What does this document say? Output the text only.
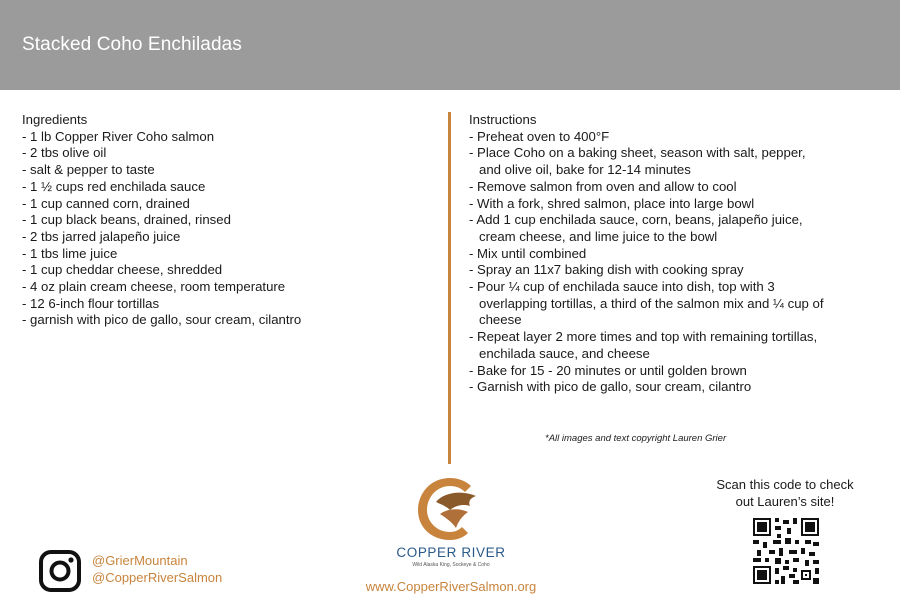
Stacked Coho Enchiladas
Ingredients
- 1 lb Copper River Coho salmon
- 2 tbs olive oil
- salt & pepper to taste
- 1 ½ cups red enchilada sauce
- 1 cup canned corn, drained
- 1 cup black beans, drained, rinsed
- 2 tbs jarred jalapeño juice
- 1 tbs lime juice
- 1 cup cheddar cheese, shredded
- 4 oz plain cream cheese, room temperature
- 12 6-inch flour tortillas
- garnish with pico de gallo, sour cream, cilantro
Instructions
- Preheat oven to 400°F
- Place Coho on a baking sheet, season with salt, pepper, and olive oil, bake for 12-14 minutes
- Remove salmon from oven and allow to cool
- With a fork, shred salmon, place into large bowl
- Add 1 cup enchilada sauce, corn, beans, jalapeño juice, cream cheese, and lime juice to the bowl
- Mix until combined
- Spray an 11x7 baking dish with cooking spray
- Pour ¼ cup of enchilada sauce into dish, top with 3 overlapping tortillas, a third of the salmon mix and ¼ cup of cheese
- Repeat layer 2 more times and top with remaining tortillas, enchilada sauce, and cheese
- Bake for 15 - 20 minutes or until golden brown
- Garnish with pico de gallo, sour cream, cilantro
*All images and text copyright Lauren Grier
COPPER RIVER
Wild Alaska King, Sockeye & Coho
www.CopperRiverSalmon.org
@GrierMountain
@CopperRiverSalmon
Scan this code to check
out Lauren’s site!
